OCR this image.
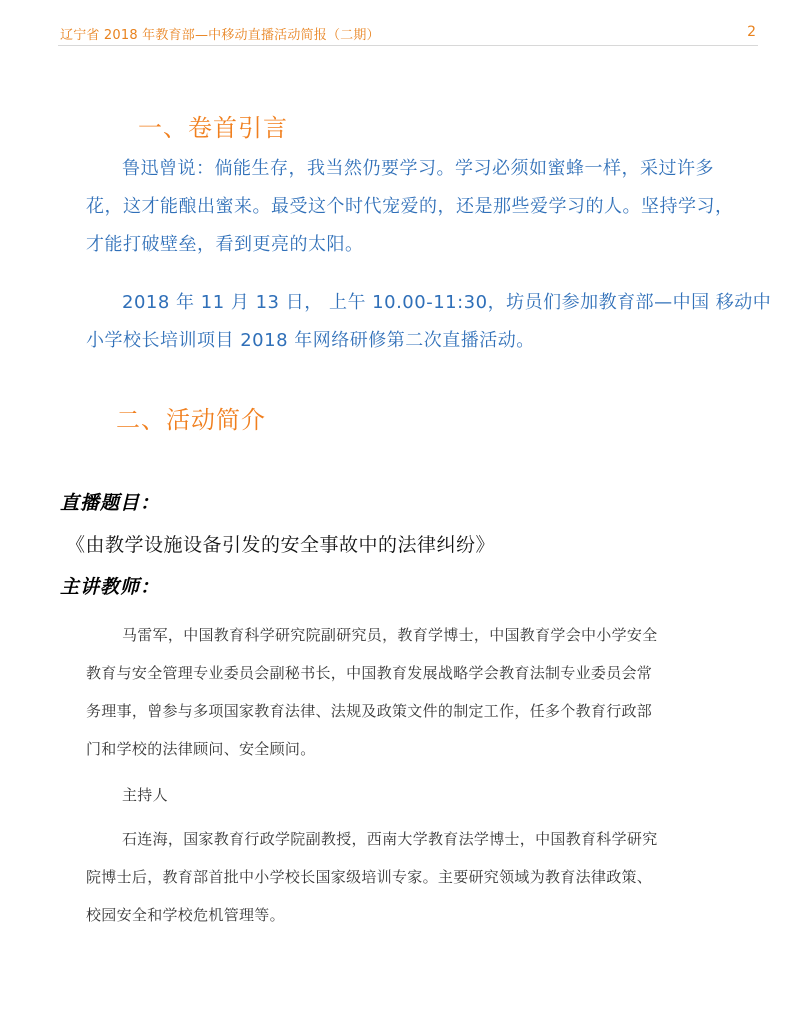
辽宁省 2018 年教育部—中移动直播活动简报（二期）	2
一、卷首引言
鲁迅曾说：倘能生存，我当然仍要学习。学习必须如蜜蜂一样，采过许多
花，这才能酿出蜜来。最受这个时代宠爱的，还是那些爱学习的人。坚持学习，
才能打破壁垒，看到更亮的太阳。
2018 年 11 月 13 日， 上午 10.00-11:30，坊员们参加教育部—中国 移动中
小学校长培训项目 2018 年网络研修第二次直播活动。
二、活动简介
直播题目：
《由教学设施设备引发的安全事故中的法律纠纷》
主讲教师：
马雷军，中国教育科学研究院副研究员，教育学博士，中国教育学会中小学安全
教育与安全管理专业委员会副秘书长，中国教育发展战略学会教育法制专业委员会常
务理事，曾参与多项国家教育法律、法规及政策文件的制定工作，任多个教育行政部
门和学校的法律顾问、安全顾问。
主持人
石连海，国家教育行政学院副教授，西南大学教育法学博士，中国教育科学研究
院博士后，教育部首批中小学校长国家级培训专家。主要研究领域为教育法律政策、
校园安全和学校危机管理等。
